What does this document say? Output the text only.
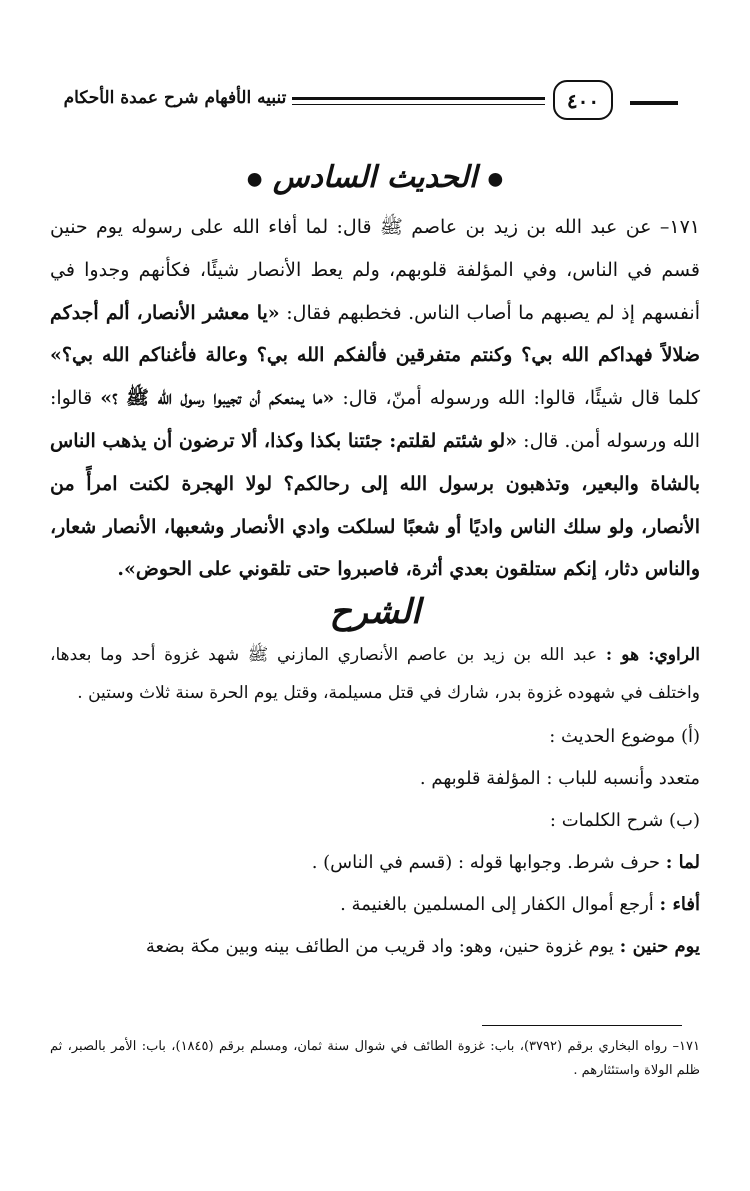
٤٠٠
تنبيه الأفهام شرح عمدة الأحكام
● الحديث السادس ●
١٧١– عن عبد الله بن زيد بن عاصم ﷺ قال: لما أفاء الله على رسوله يوم حنين قسم في الناس، وفي المؤلفة قلوبهم، ولم يعط الأنصار شيئًا، فكأنهم وجدوا في أنفسهم إذ لم يصبهم ما أصاب الناس. فخطبهم فقال: «يا معشر الأنصار، ألم أجدكم ضلالاً فهداكم الله بي؟ وكنتم متفرقين فألفكم الله بي؟ وعالة فأغناكم الله بي؟» كلما قال شيئًا، قالوا: الله ورسوله أمنّ، قال: «ما يمنعكم أن تجيبوا رسول الله ﷺ ؟» قالوا: الله ورسوله أمن. قال: «لو شئتم لقلتم: جئتنا بكذا وكذا، ألا ترضون أن يذهب الناس بالشاة والبعير، وتذهبون برسول الله إلى رحالكم؟ لولا الهجرة لكنت امرأً من الأنصار، ولو سلك الناس واديًا أو شعبًا لسلكت وادي الأنصار وشعبها، الأنصار شعار، والناس دثار، إنكم ستلقون بعدي أثرة، فاصبروا حتى تلقوني على الحوض».
الشرح

الراوي: هو : عبد الله بن زيد بن عاصم الأنصاري المازني ﷺ شهد غزوة أحد وما بعدها، واختلف في شهوده غزوة بدر، شارك في قتل مسيلمة، وقتل يوم الحرة سنة ثلاث وستين .

(أ) موضوع الحديث :

متعدد وأنسبه للباب : المؤلفة قلوبهم .

(ب) شرح الكلمات :

لما : حرف شرط. وجوابها قوله : (قسم في الناس) .

أفاء : أرجع أموال الكفار إلى المسلمين بالغنيمة .

يوم حنين : يوم غزوة حنين، وهو: واد قريب من الطائف بينه وبين مكة بضعة

١٧١– رواه البخاري برقم (٣٧٩٢)، باب: غزوة الطائف في شوال سنة ثمان، ومسلم برقم (١٨٤٥)، باب: الأمر بالصبر، ثم ظلم الولاة واستئثارهم .
